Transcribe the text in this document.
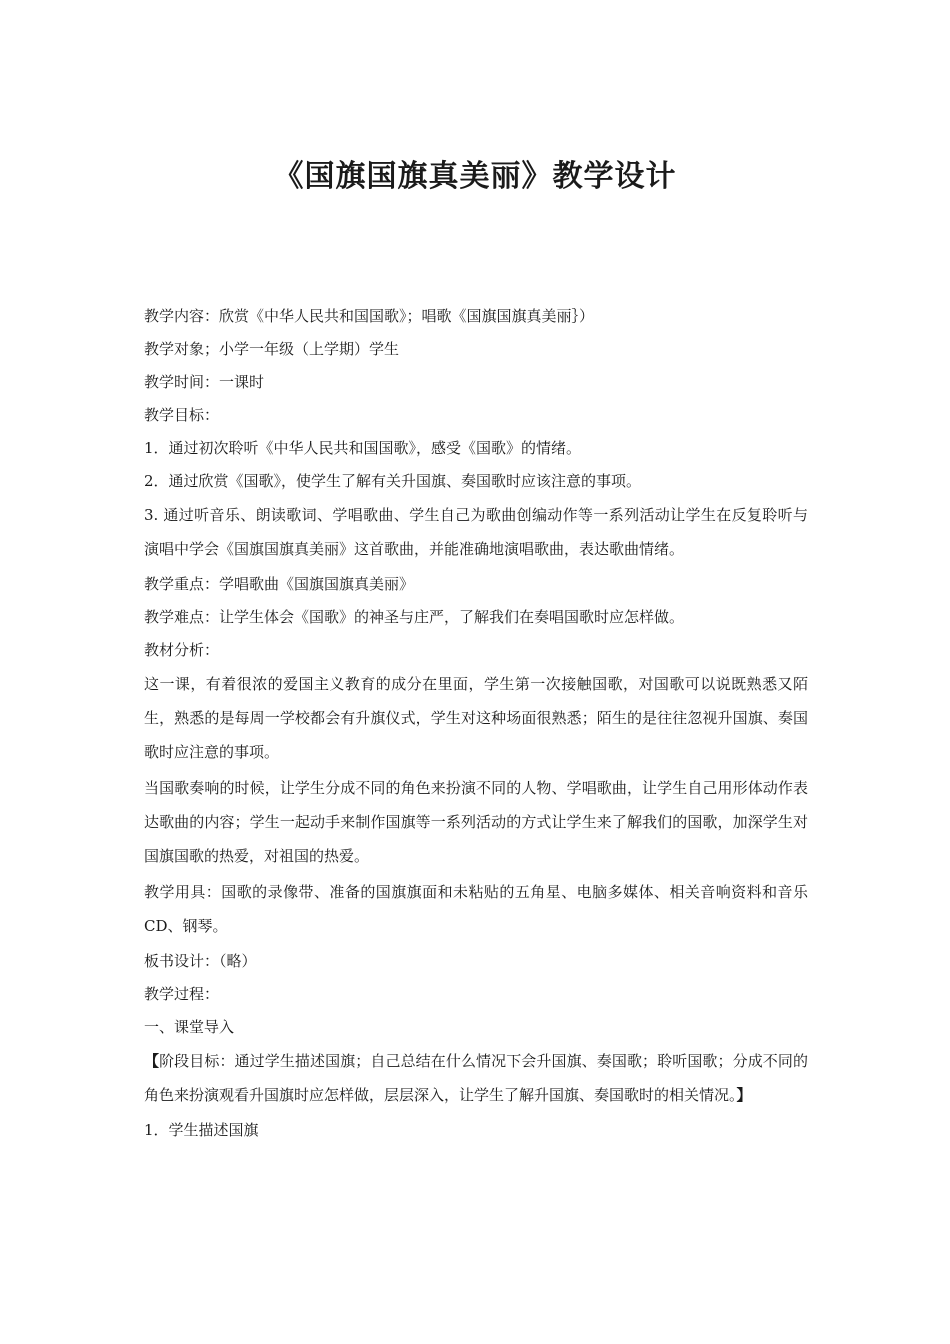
《国旗国旗真美丽》教学设计

教学内容：欣赏《中华人民共和国国歌》；唱歌《国旗国旗真美丽｝）

教学对象；小学一年级（上学期）学生

教学时间：一课时

教学目标：

1．通过初次聆听《中华人民共和国国歌》，感受《国歌》的情绪。

2．通过欣赏《国歌》，使学生了解有关升国旗、奏国歌时应该注意的事项。

3. 通过听音乐、朗读歌词、学唱歌曲、学生自己为歌曲创编动作等一系列活动让学生在反复聆听与演唱中学会《国旗国旗真美丽》这首歌曲，并能准确地演唱歌曲，表达歌曲情绪。

教学重点：学唱歌曲《国旗国旗真美丽》

教学难点：让学生体会《国歌》的神圣与庄严，了解我们在奏唱国歌时应怎样做。

教材分析：

这一课，有着很浓的爱国主义教育的成分在里面，学生第一次接触国歌，对国歌可以说既熟悉又陌生，熟悉的是每周一学校都会有升旗仪式，学生对这种场面很熟悉；陌生的是往往忽视升国旗、奏国歌时应注意的事项。

当国歌奏响的时候，让学生分成不同的角色来扮演不同的人物、学唱歌曲，让学生自己用形体动作表达歌曲的内容；学生一起动手来制作国旗等一系列活动的方式让学生来了解我们的国歌，加深学生对国旗国歌的热爱，对祖国的热爱。

教学用具：国歌的录像带、准备的国旗旗面和未粘贴的五角星、电脑多媒体、相关音响资料和音乐 CD、钢琴。

板书设计：（略）

教学过程：

一、课堂导入

【阶段目标：通过学生描述国旗；自己总结在什么情况下会升国旗、奏国歌；聆听国歌；分成不同的角色来扮演观看升国旗时应怎样做，层层深入，让学生了解升国旗、奏国歌时的相关情况。】

1．学生描述国旗
